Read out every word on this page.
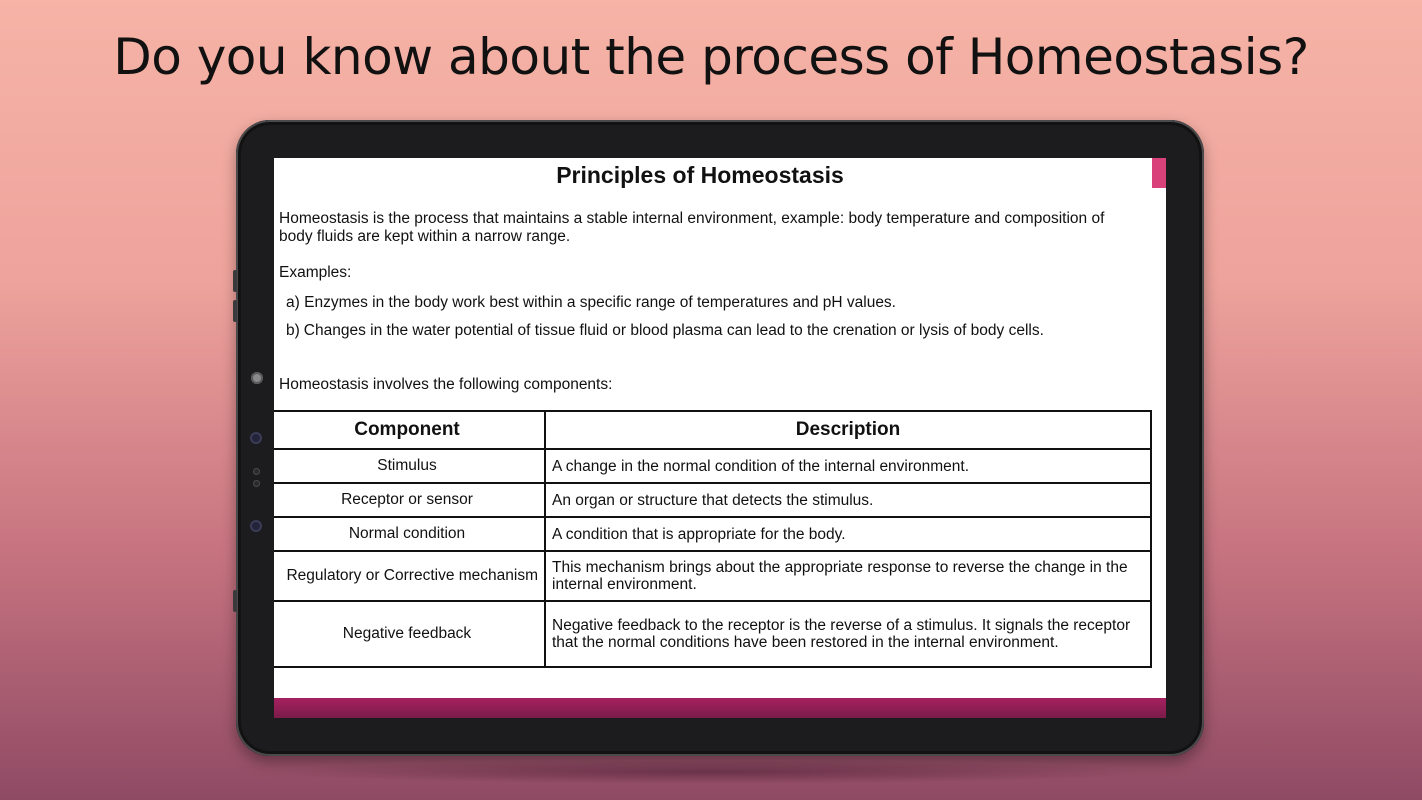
Do you know about the process of Homeostasis?
Principles of Homeostasis
Homeostasis is the process that maintains a stable internal environment, example: body temperature and composition of body fluids are kept within a narrow range.
Examples:
a) Enzymes in the body work best within a specific range of temperatures and pH values.
b) Changes in the water potential of tissue fluid or blood plasma can lead to the crenation or lysis of body cells.
Homeostasis involves the following components:
Component	Description
Stimulus	A change in the normal condition of the internal environment.
Receptor or sensor	An organ or structure that detects the stimulus.
Normal condition	A condition that is appropriate for the body.
Regulatory or Corrective mechanism	This mechanism brings about the appropriate response to reverse the change in the internal environment.
Negative feedback	Negative feedback to the receptor is the reverse of a stimulus. It signals the receptor that the normal conditions have been restored in the internal environment.
